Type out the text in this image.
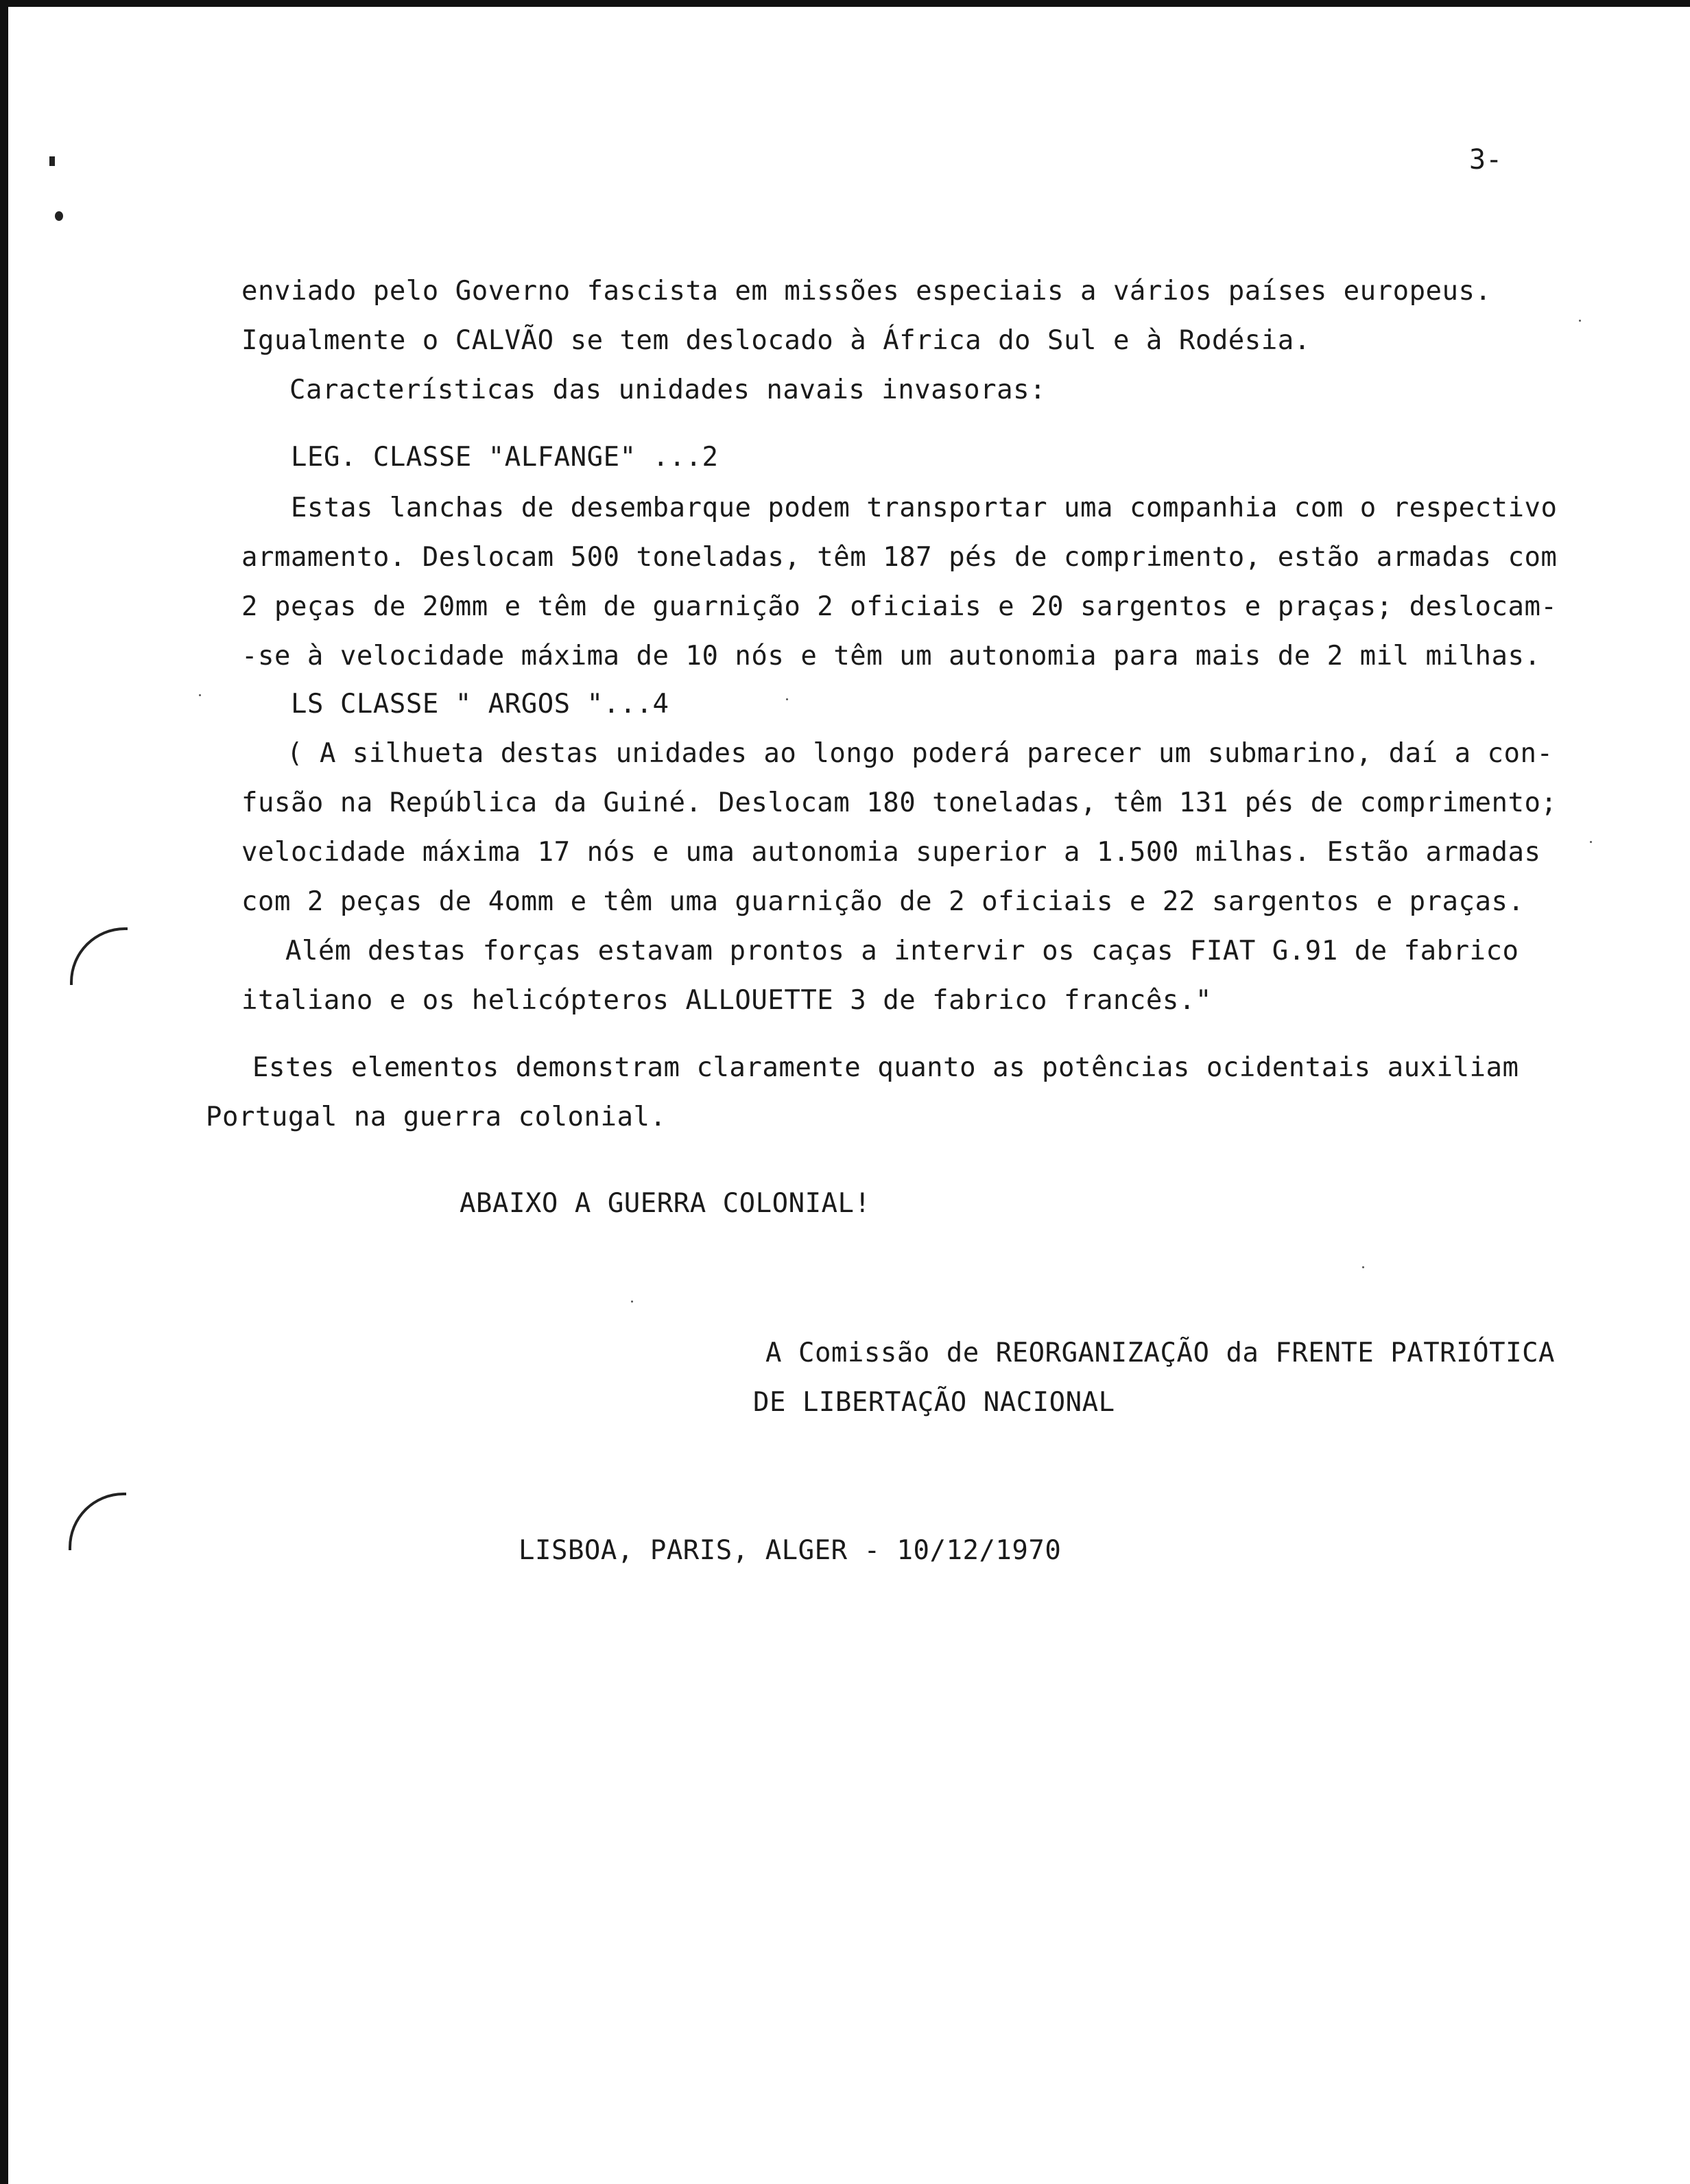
3-
enviado pelo Governo fascista em missões especiais a vários países europeus.
Igualmente o CALVÃO se tem deslocado à África do Sul e à Rodésia.
Características das unidades navais invasoras:
LEG. CLASSE "ALFANGE" ...2
Estas lanchas de desembarque podem transportar uma companhia com o respectivo
armamento. Deslocam 500 toneladas, têm 187 pés de comprimento, estão armadas com
2 peças de 20mm e têm de guarnição 2 oficiais e 20 sargentos e praças; deslocam-
-se à velocidade máxima de 10 nós e têm um autonomia para mais de 2 mil milhas.
LS CLASSE " ARGOS "...4
( A silhueta destas unidades ao longo poderá parecer um submarino, daí a con-
fusão na República da Guiné. Deslocam 180 toneladas, têm 131 pés de comprimento;
velocidade máxima 17 nós e uma autonomia superior a 1.500 milhas. Estão armadas
com 2 peças de 4omm e têm uma guarnição de 2 oficiais e 22 sargentos e praças.
Além destas forças estavam prontos a intervir os caças FIAT G.91 de fabrico
italiano e os helicópteros ALLOUETTE 3 de fabrico francês."
Estes elementos demonstram claramente quanto as potências ocidentais auxiliam
Portugal na guerra colonial.
ABAIXO A GUERRA COLONIAL!
A Comissão de REORGANIZAÇÃO da FRENTE PATRIÓTICA
DE LIBERTAÇÃO NACIONAL
LISBOA, PARIS, ALGER - 10/12/1970
